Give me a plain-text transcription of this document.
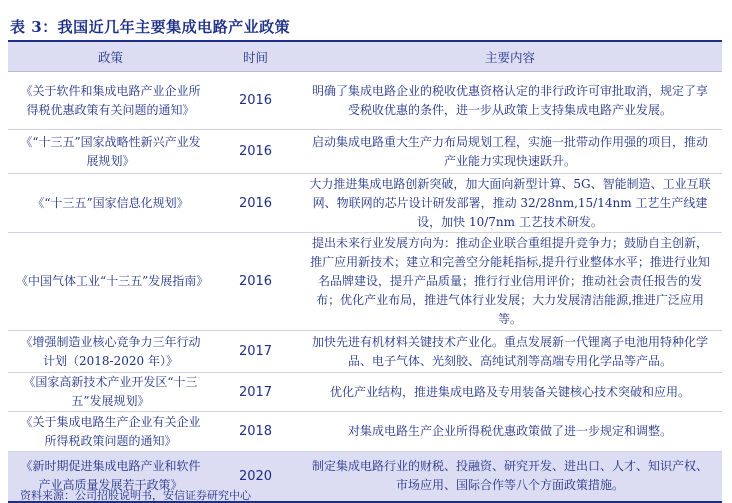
表 3：我国近几年主要集成电路产业政策
政策	时间	主要内容
《关于软件和集成电路产业企业所得税优惠政策有关问题的通知》	2016	明确了集成电路企业的税收优惠资格认定的非行政许可审批取消，规定了享受税收优惠的条件，进一步从政策上支持集成电路产业发展。
《“十三五”国家战略性新兴产业发展规划》	2016	启动集成电路重大生产力布局规划工程，实施一批带动作用强的项目，推动产业能力实现快速跃升。
《“十三五”国家信息化规划》	2016	大力推进集成电路创新突破，加大面向新型计算、5G、智能制造、工业互联网、物联网的芯片设计研发部署，推动 32/28nm,15/14nm 工艺生产线建设，加快 10/7nm 工艺技术研发。
《中国气体工业“十三五”发展指南》	2016	提出未来行业发展方向为：推动企业联合重组提升竞争力；鼓励自主创新，推广应用新技术；建立和完善空分能耗指标,提升行业整体水平；推进行业知名品牌建设，提升产品质量；推行行业信用评价；推动社会责任报告的发布；优化产业布局，推进气体行业发展；大力发展清洁能源,推进广泛应用等。
《增强制造业核心竞争力三年行动计划（2018-2020 年）》	2017	加快先进有机材料关键技术产业化。重点发展新一代锂离子电池用特种化学品、电子气体、光刻胶、高纯试剂等高端专用化学品等产品。
《国家高新技术产业开发区“十三五”发展规划》	2017	优化产业结构，推进集成电路及专用装备关键核心技术突破和应用。
《关于集成电路生产企业有关企业所得税政策问题的通知》	2018	对集成电路生产企业所得税优惠政策做了进一步规定和调整。
《新时期促进集成电路产业和软件产业高质量发展若干政策》	2020	制定集成电路行业的财税、投融资、研究开发、进出口、人才、知识产权、市场应用、国际合作等八个方面政策措施。
资料来源：公司招股说明书，安信证券研究中心
